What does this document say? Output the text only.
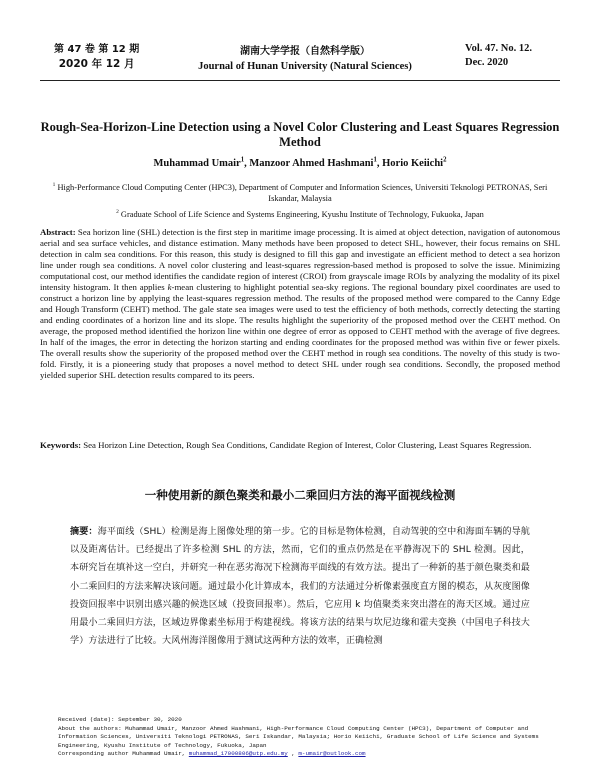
第 47 卷 第 12 期
2020 年 12 月
湖南大学学报（自然科学版）
Journal of Hunan University (Natural Sciences)
Vol. 47. No. 12.
Dec. 2020
Rough-Sea-Horizon-Line Detection using a Novel Color Clustering and Least Squares Regression Method
Muhammad Umair$^1$, Manzoor Ahmed Hashmani$^1$, Horio Keiichi$^2$
$^1$ High-Performance Cloud Computing Center (HPC3), Department of Computer and Information Sciences, Universiti Teknologi PETRONAS, Seri Iskandar, Malaysia
$^2$ Graduate School of Life Science and Systems Engineering, Kyushu Institute of Technology, Fukuoka, Japan
Abstract: Sea horizon line (SHL) detection is the first step in maritime image processing. It is aimed at object detection, navigation of autonomous aerial and sea surface vehicles, and distance estimation. Many methods have been proposed to detect SHL, however, their focus remains on SHL detection in calm sea conditions. For this reason, this study is designed to fill this gap and investigate an efficient method to detect a sea horizon line under rough sea conditions. A novel color clustering and least-squares regression-based method is proposed to solve the issue. Minimizing computational cost, our method identifies the candidate region of interest (CROI) from grayscale image ROIs by analyzing the modality of its pixel intensity histogram. It then applies k-mean clustering to highlight potential sea-sky regions. The regional boundary pixel coordinates are used to construct a horizon line by applying the least-squares regression method. The results of the proposed method were compared to the Canny Edge and Hough Transform (CEHT) method. The gale state sea images were used to test the efficiency of both methods, correctly detecting the starting and ending coordinates of a horizon line and its slope. The results highlight the superiority of the proposed method over the CEHT method. On average, the proposed method identified the horizon line within one degree of error as opposed to CEHT method with the average of five degrees. In half of the images, the error in detecting the horizon starting and ending coordinates for the proposed method was within five or fewer pixels. The overall results show the superiority of the proposed method over the CEHT method in rough sea conditions. The novelty of this study is two-fold. Firstly, it is a pioneering study that proposes a novel method to detect SHL under rough sea conditions. Secondly, the proposed method yielded superior SHL detection results compared to its peers.
Keywords: Sea Horizon Line Detection, Rough Sea Conditions, Candidate Region of Interest, Color Clustering, Least Squares Regression.
一种使用新的颜色聚类和最小二乘回归方法的海平面视线检测
摘要：海平面线（SHL）检测是海上图像处理的第一步。它的目标是物体检测，自动驾驶的空中和海面车辆的导航以及距离估计。已经提出了许多检测 SHL 的方法，然而，它们的重点仍然是在平静海况下的 SHL 检测。因此，本研究旨在填补这一空白，并研究一种在恶劣海况下检测海平面线的有效方法。提出了一种新的基于颜色聚类和最小二乘回归的方法来解决该问题。通过最小化计算成本，我们的方法通过分析像素强度直方图的模态，从灰度图像投资回报率中识别出感兴趣的候选区域（投资回报率）。然后，它应用 k 均值聚类来突出潜在的海天区域。通过应用最小二乘回归方法，区域边界像素坐标用于构建视线。将该方法的结果与坎尼边缘和霍夫变换（中国电子科技大学）方法进行了比较。大风州海洋图像用于测试这两种方法的效率，正确检测
Received (date): September 30, 2020
About the authors: Muhammad Umair, Manzoor Ahmed Hashmani, High-Performance Cloud Computing Center (HPC3), Department of Computer and Information Sciences, Universiti Teknologi PETRONAS, Seri Iskandar, Malaysia; Horio Keiichi, Graduate School of Life Science and Systems Engineering, Kyushu Institute of Technology, Fukuoka, Japan
Corresponding author Muhammad Umair, muhammad_17000806@utp.edu.my , m-umair@outlook.com
